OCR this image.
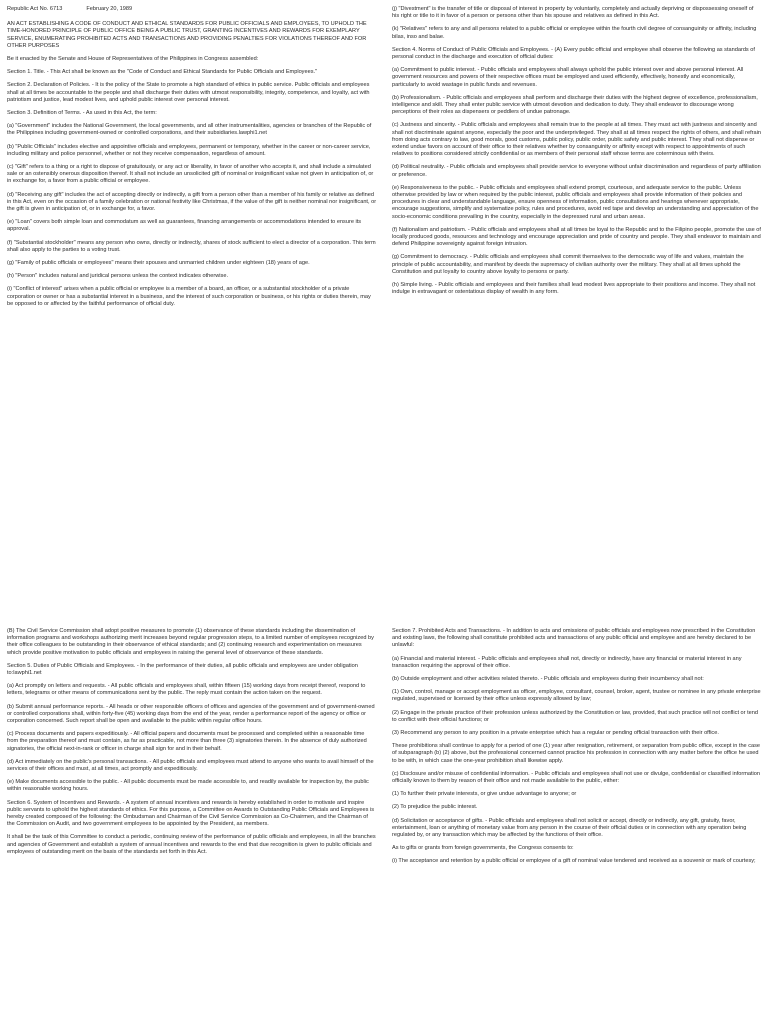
Republic Act No. 6713	February 20, 1989

AN ACT ESTABLISHING A CODE OF CONDUCT AND ETHICAL STANDARDS FOR PUBLIC OFFICIALS AND EMPLOYEES, TO UPHOLD THE TIME-HONORED PRINCIPLE OF PUBLIC OFFICE BEING A PUBLIC TRUST, GRANTING INCENTIVES AND REWARDS FOR EXEMPLARY SERVICE, ENUMERATING PROHIBITED ACTS AND TRANSACTIONS AND PROVIDING PENALTIES FOR VIOLATIONS THEREOF AND FOR OTHER PURPOSES

Be it enacted by the Senate and House of Representatives of the Philippines in Congress assembled:

Section 1. Title. - This Act shall be known as the "Code of Conduct and Ethical Standards for Public Officials and Employees."

Section 2. Declaration of Policies. - It is the policy of the State to promote a high standard of ethics in public service. Public officials and employees shall at all times be accountable to the people and shall discharge their duties with utmost responsibility, integrity, competence, and loyalty, act with patriotism and justice, lead modest lives, and uphold public interest over personal interest.

Section 3. Definition of Terms. - As used in this Act, the term:

(a) "Government" includes the National Government, the local governments, and all other instrumentalities, agencies or branches of the Republic of the Philippines including government-owned or controlled corporations, and their subsidiaries.lawphi1.net

(b) "Public Officials" includes elective and appointive officials and employees, permanent or temporary, whether in the career or non-career service, including military and police personnel, whether or not they receive compensation, regardless of amount.

(c) "Gift" refers to a thing or a right to dispose of gratuitously, or any act or liberality, in favor of another who accepts it, and shall include a simulated sale or an ostensibly onerous disposition thereof. It shall not include an unsolicited gift of nominal or insignificant value not given in anticipation of, or in exchange for, a favor from a public official or employee.

(d) "Receiving any gift" includes the act of accepting directly or indirectly, a gift from a person other than a member of his family or relative as defined in this Act, even on the occasion of a family celebration or national festivity like Christmas, if the value of the gift is neither nominal nor insignificant, or the gift is given in anticipation of, or in exchange for, a favor.

(e) "Loan" covers both simple loan and commodatum as well as guarantees, financing arrangements or accommodations intended to ensure its approval.

(f) "Substantial stockholder" means any person who owns, directly or indirectly, shares of stock sufficient to elect a director of a corporation. This term shall also apply to the parties to a voting trust.

(g) "Family of public officials or employees" means their spouses and unmarried children under eighteen (18) years of age.

(h) "Person" includes natural and juridical persons unless the context indicates otherwise.

(i) "Conflict of interest" arises when a public official or employee is a member of a board, an officer, or a substantial stockholder of a private corporation or owner or has a substantial interest in a business, and the interest of such corporation or business, or his rights or duties therein, may be opposed to or affected by the faithful performance of official duty.

(j) "Divestment" is the transfer of title or disposal of interest in property by voluntarily, completely and actually depriving or dispossessing oneself of his right or title to it in favor of a person or persons other than his spouse and relatives as defined in this Act.

(k) "Relatives" refers to any and all persons related to a public official or employee within the fourth civil degree of consanguinity or affinity, including bilas, inso and balae.

Section 4. Norms of Conduct of Public Officials and Employees. - (A) Every public official and employee shall observe the following as standards of personal conduct in the discharge and execution of official duties:

(a) Commitment to public interest. - Public officials and employees shall always uphold the public interest over and above personal interest. All government resources and powers of their respective offices must be employed and used efficiently, effectively, honestly and economically, particularly to avoid wastage in public funds and revenues.

(b) Professionalism. - Public officials and employees shall perform and discharge their duties with the highest degree of excellence, professionalism, intelligence and skill. They shall enter public service with utmost devotion and dedication to duty. They shall endeavor to discourage wrong perceptions of their roles as dispensers or peddlers of undue patronage.

(c) Justness and sincerity. - Public officials and employees shall remain true to the people at all times. They must act with justness and sincerity and shall not discriminate against anyone, especially the poor and the underprivileged. They shall at all times respect the rights of others, and shall refrain from doing acts contrary to law, good morals, good customs, public policy, public order, public safety and public interest. They shall not dispense or extend undue favors on account of their office to their relatives whether by consanguinity or affinity except with respect to appointments of such relatives to positions considered strictly confidential or as members of their personal staff whose terms are coterminous with theirs.

(d) Political neutrality. - Public officials and employees shall provide service to everyone without unfair discrimination and regardless of party affiliation or preference.

(e) Responsiveness to the public. - Public officials and employees shall extend prompt, courteous, and adequate service to the public. Unless otherwise provided by law or when required by the public interest, public officials and employees shall provide information of their policies and procedures in clear and understandable language, ensure openness of information, public consultations and hearings whenever appropriate, encourage suggestions, simplify and systematize policy, rules and procedures, avoid red tape and develop an understanding and appreciation of the socio-economic conditions prevailing in the country, especially in the depressed rural and urban areas.

(f) Nationalism and patriotism. - Public officials and employees shall at all times be loyal to the Republic and to the Filipino people, promote the use of locally produced goods, resources and technology and encourage appreciation and pride of country and people. They shall endeavor to maintain and defend Philippine sovereignty against foreign intrusion.

(g) Commitment to democracy. - Public officials and employees shall commit themselves to the democratic way of life and values, maintain the principle of public accountability, and manifest by deeds the supremacy of civilian authority over the military. They shall at all times uphold the Constitution and put loyalty to country above loyalty to persons or party.

(h) Simple living. - Public officials and employees and their families shall lead modest lives appropriate to their positions and income. They shall not indulge in extravagant or ostentatious display of wealth in any form.

(B) The Civil Service Commission shall adopt positive measures to promote (1) observance of these standards including the dissemination of information programs and workshops authorizing merit increases beyond regular progression steps, to a limited number of employees recognized by their office colleagues to be outstanding in their observance of ethical standards; and (2) continuing research and experimentation on measures which provide positive motivation to public officials and employees in raising the general level of observance of these standards.

Section 5. Duties of Public Officials and Employees. - In the performance of their duties, all public officials and employees are under obligation to:lawphi1.net

(a) Act promptly on letters and requests. - All public officials and employees shall, within fifteen (15) working days from receipt thereof, respond to letters, telegrams or other means of communications sent by the public. The reply must contain the action taken on the request.

(b) Submit annual performance reports. - All heads or other responsible officers of offices and agencies of the government and of government-owned or controlled corporations shall, within forty-five (45) working days from the end of the year, render a performance report of the agency or office or corporation concerned. Such report shall be open and available to the public within regular office hours.

(c) Process documents and papers expeditiously. - All official papers and documents must be processed and completed within a reasonable time from the preparation thereof and must contain, as far as practicable, not more than three (3) signatories therein. In the absence of duly authorized signatories, the official next-in-rank or officer in charge shall sign for and in their behalf.

(d) Act immediately on the public's personal transactions. - All public officials and employees must attend to anyone who wants to avail himself of the services of their offices and must, at all times, act promptly and expeditiously.

(e) Make documents accessible to the public. - All public documents must be made accessible to, and readily available for inspection by, the public within reasonable working hours.

Section 6. System of Incentives and Rewards. - A system of annual incentives and rewards is hereby established in order to motivate and inspire public servants to uphold the highest standards of ethics. For this purpose, a Committee on Awards to Outstanding Public Officials and Employees is hereby created composed of the following: the Ombudsman and Chairman of the Civil Service Commission as Co-Chairmen, and the Chairman of the Commission on Audit, and two government employees to be appointed by the President, as members.

It shall be the task of this Committee to conduct a periodic, continuing review of the performance of public officials and employees, in all the branches and agencies of Government and establish a system of annual incentives and rewards to the end that due recognition is given to public officials and employees of outstanding merit on the basis of the standards set forth in this Act.

Section 7. Prohibited Acts and Transactions. - In addition to acts and omissions of public officials and employees now prescribed in the Constitution and existing laws, the following shall constitute prohibited acts and transactions of any public official and employee and are hereby declared to be unlawful:

(a) Financial and material interest. - Public officials and employees shall not, directly or indirectly, have any financial or material interest in any transaction requiring the approval of their office.

(b) Outside employment and other activities related thereto. - Public officials and employees during their incumbency shall not:

(1) Own, control, manage or accept employment as officer, employee, consultant, counsel, broker, agent, trustee or nominee in any private enterprise regulated, supervised or licensed by their office unless expressly allowed by law;

(2) Engage in the private practice of their profession unless authorized by the Constitution or law, provided, that such practice will not conflict or tend to conflict with their official functions; or

(3) Recommend any person to any position in a private enterprise which has a regular or pending official transaction with their office.

These prohibitions shall continue to apply for a period of one (1) year after resignation, retirement, or separation from public office, except in the case of subparagraph (b) (2) above, but the professional concerned cannot practice his profession in connection with any matter before the office he used to be with, in which case the one-year prohibition shall likewise apply.

(c) Disclosure and/or misuse of confidential information. - Public officials and employees shall not use or divulge, confidential or classified information officially known to them by reason of their office and not made available to the public, either:

(1) To further their private interests, or give undue advantage to anyone; or

(2) To prejudice the public interest.

(d) Solicitation or acceptance of gifts. - Public officials and employees shall not solicit or accept, directly or indirectly, any gift, gratuity, favor, entertainment, loan or anything of monetary value from any person in the course of their official duties or in connection with any operation being regulated by, or any transaction which may be affected by the functions of their office.

As to gifts or grants from foreign governments, the Congress consents to:

(i) The acceptance and retention by a public official or employee of a gift of nominal value tendered and received as a souvenir or mark of courtesy;
